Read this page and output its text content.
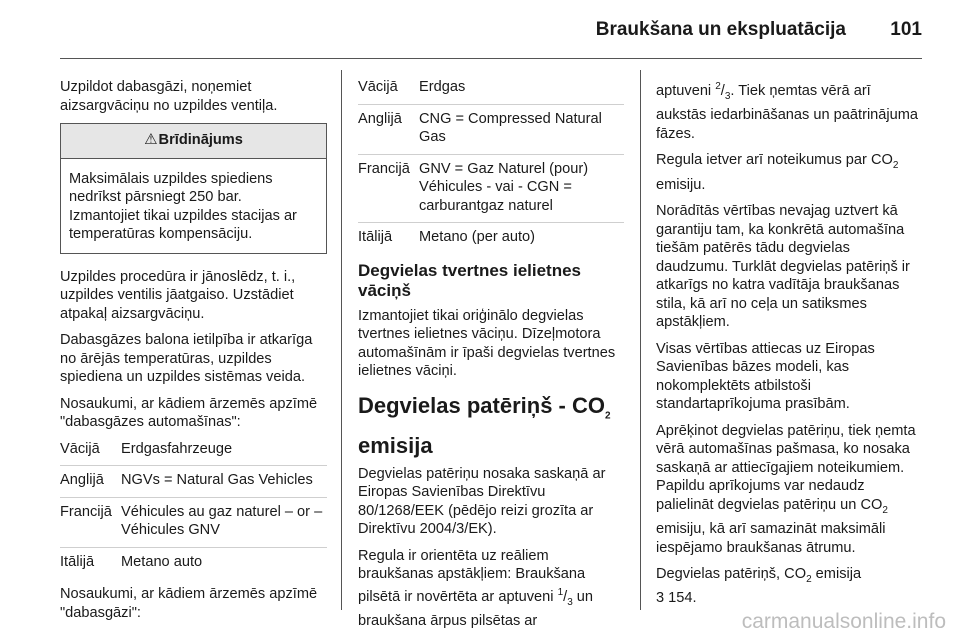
Braukšana un ekspluatācija 101

Uzpildot dabasgāzi, noņemiet aizsargvāciņu no uzpildes ventiļa.

⚠Brīdinājums
Maksimālais uzpildes spiediens nedrīkst pārsniegt 250 bar.
Izmantojiet tikai uzpildes stacijas ar temperatūras kompensāciju.

Uzpildes procedūra ir jānoslēdz, t. i., uzpildes ventilis jāatgaiso. Uzstādiet atpakaļ aizsargvāciņu.

Dabasgāzes balona ietilpība ir atkarīga no ārējās temperatūras, uzpildes spiediena un uzpildes sistēmas veida.

Nosaukumi, ar kādiem ārzemēs apzīmē "dabasgāzes automašīnas":

Vācijā	Erdgasfahrzeuge
Anglijā	NGVs = Natural Gas Vehicles
Francijā	Véhicules au gaz naturel – or – Véhicules GNV
Itālijā	Metano auto

Nosaukumi, ar kādiem ārzemēs apzīmē "dabasgāzi":

Vācijā	Erdgas
Anglijā	CNG = Compressed Natural Gas
Francijā	GNV = Gaz Naturel (pour) Véhicules - vai - CGN = carburantgaz naturel
Itālijā	Metano (per auto)
Degvielas tvertnes ielietnes vāciņš

Izmantojiet tikai oriģinālo degvielas tvertnes ielietnes vāciņu. Dīzeļmotora automašīnām ir īpaši degvielas tvertnes ielietnes vāciņi.

Degvielas patēriņš - $CO_2$
emisija

Degvielas patēriņu nosaka saskaņā ar Eiropas Savienības Direktīvu 80/1268/EEK (pēdējo reizi grozīta ar Direktīvu 2004/3/EK).

Regula ir orientēta uz reāliem braukšanas apstākļiem: Braukšana pilsētā ir novērtēta ar aptuveni $^1/_3$ un braukšana ārpus pilsētas ar

aptuveni $^2/_3$. Tiek ņemtas vērā arī aukstās iedarbināšanas un paātrinājuma fāzes.

Regula ietver arī noteikumus par $CO_2$ emisiju.

Norādītās vērtības nevajag uztvert kā garantiju tam, ka konkrētā automašīna tiešām patērēs tādu degvielas daudzumu. Turklāt degvielas patēriņš ir atkarīgs no katra vadītāja braukšanas stila, kā arī no ceļa un satiksmes apstākļiem.

Visas vērtības attiecas uz Eiropas Savienības bāzes modeli, kas nokomplektēts atbilstoši standartaprīkojuma prasībām.

Aprēķinot degvielas patēriņu, tiek ņemta vērā automašīnas pašmasa, ko nosaka saskaņā ar attiecīgajiem noteikumiem. Papildu aprīkojums var nedaudz palielināt degvielas patēriņu un $CO_2$ emisiju, kā arī samazināt maksimāli iespējamo braukšanas ātrumu.

Degvielas patēriņš, $CO_2$ emisija
3 154.

carmanualsonline.info
